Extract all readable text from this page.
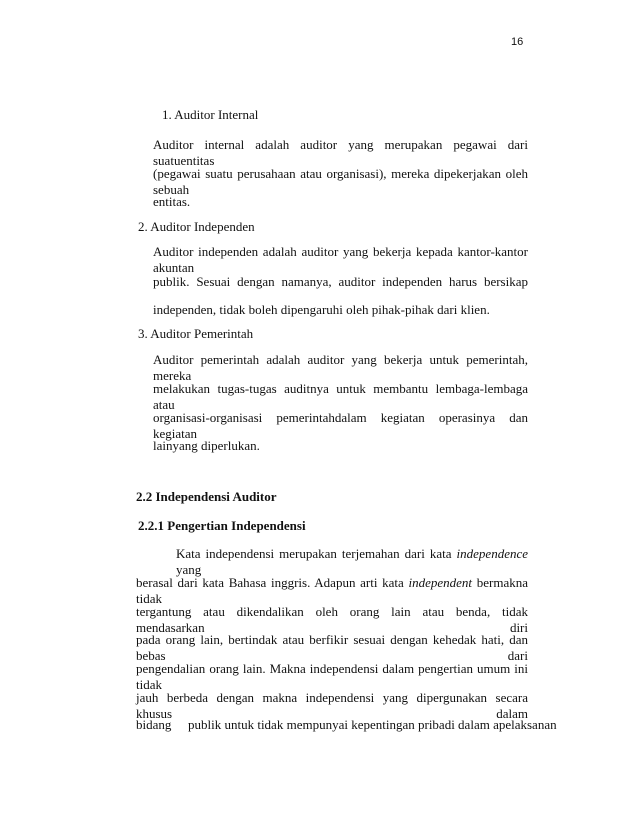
16
1. Auditor Internal
Auditor internal adalah auditor yang merupakan pegawai dari suatuentitas
(pegawai suatu perusahaan atau organisasi), mereka dipekerjakan oleh sebuah
entitas.
2. Auditor Independen
Auditor independen adalah auditor yang bekerja kepada kantor-kantor akuntan
publik. Sesuai dengan namanya, auditor independen harus bersikap
independen, tidak boleh dipengaruhi oleh pihak-pihak dari klien.
3. Auditor Pemerintah
Auditor pemerintah adalah auditor yang bekerja untuk pemerintah, mereka
melakukan tugas-tugas auditnya untuk membantu lembaga-lembaga atau
organisasi-organisasi pemerintahdalam kegiatan operasinya dan kegiatan
lainyang diperlukan.
2.2 Independensi Auditor
2.2.1 Pengertian Independensi
Kata independensi merupakan terjemahan dari kata independence yang
berasal dari kata Bahasa inggris. Adapun arti kata independent bermakna tidak
tergantung atau dikendalikan oleh orang lain atau benda, tidak mendasarkan diri
pada orang lain, bertindak atau berfikir sesuai dengan kehedak hati, dan bebas dari
pengendalian orang lain. Makna independensi dalam pengertian umum ini tidak
jauh berbeda dengan makna independensi yang dipergunakan secara khusus dalam
bidang publik untuk tidak mempunyai kepentingan pribadi dalam apelaksanan
